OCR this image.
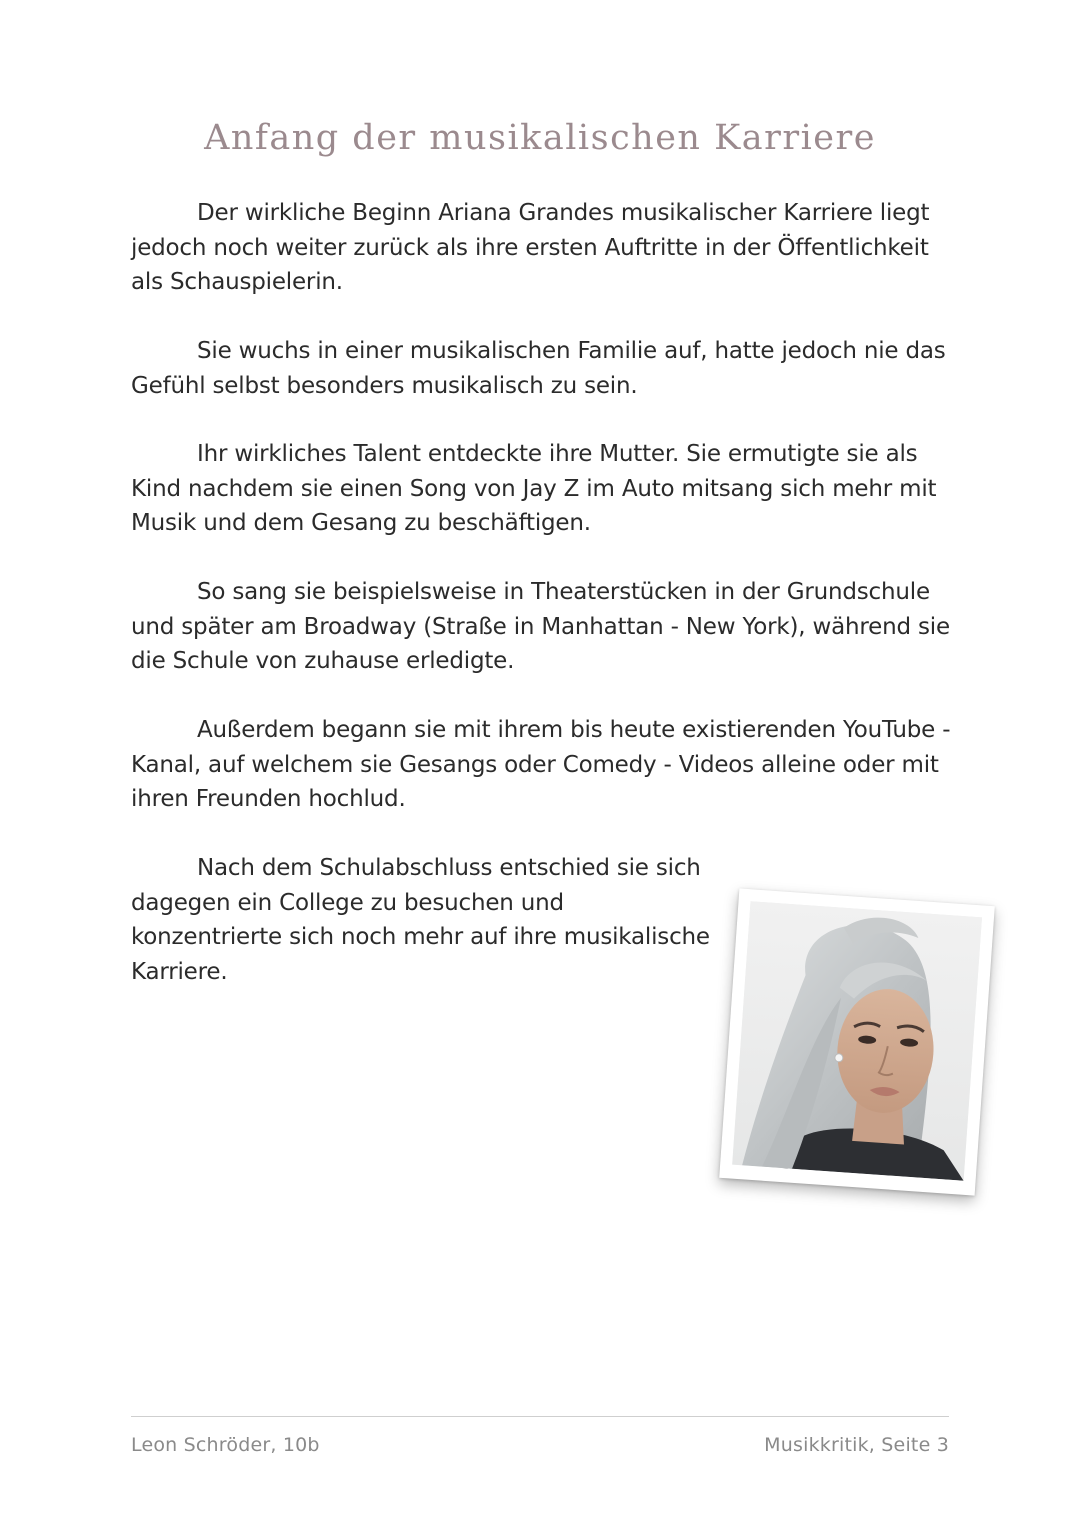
Anfang der musikalischen Karriere

Der wirkliche Beginn Ariana Grandes musikalischer Karriere liegt jedoch noch weiter zurück als ihre ersten Auftritte in der Öffentlichkeit als Schauspielerin.

Sie wuchs in einer musikalischen Familie auf, hatte jedoch nie das Gefühl selbst besonders musikalisch zu sein.

Ihr wirkliches Talent entdeckte ihre Mutter. Sie ermutigte sie als Kind nachdem sie einen Song von Jay Z im Auto mitsang sich mehr mit Musik und dem Gesang zu beschäftigen.

So sang sie beispielsweise in Theaterstücken in der Grundschule und später am Broadway (Straße in Manhattan - New York), während sie die Schule von zuhause erledigte.

Außerdem begann sie mit ihrem bis heute existierenden YouTube - Kanal, auf welchem sie Gesangs oder Comedy - Videos alleine oder mit ihren Freunden hochlud.

Nach dem Schulabschluss entschied sie sich dagegen ein College zu besuchen und konzentrierte sich noch mehr auf ihre musikalische Karriere.

Leon Schröder, 10b	Musikkritik, Seite 3
